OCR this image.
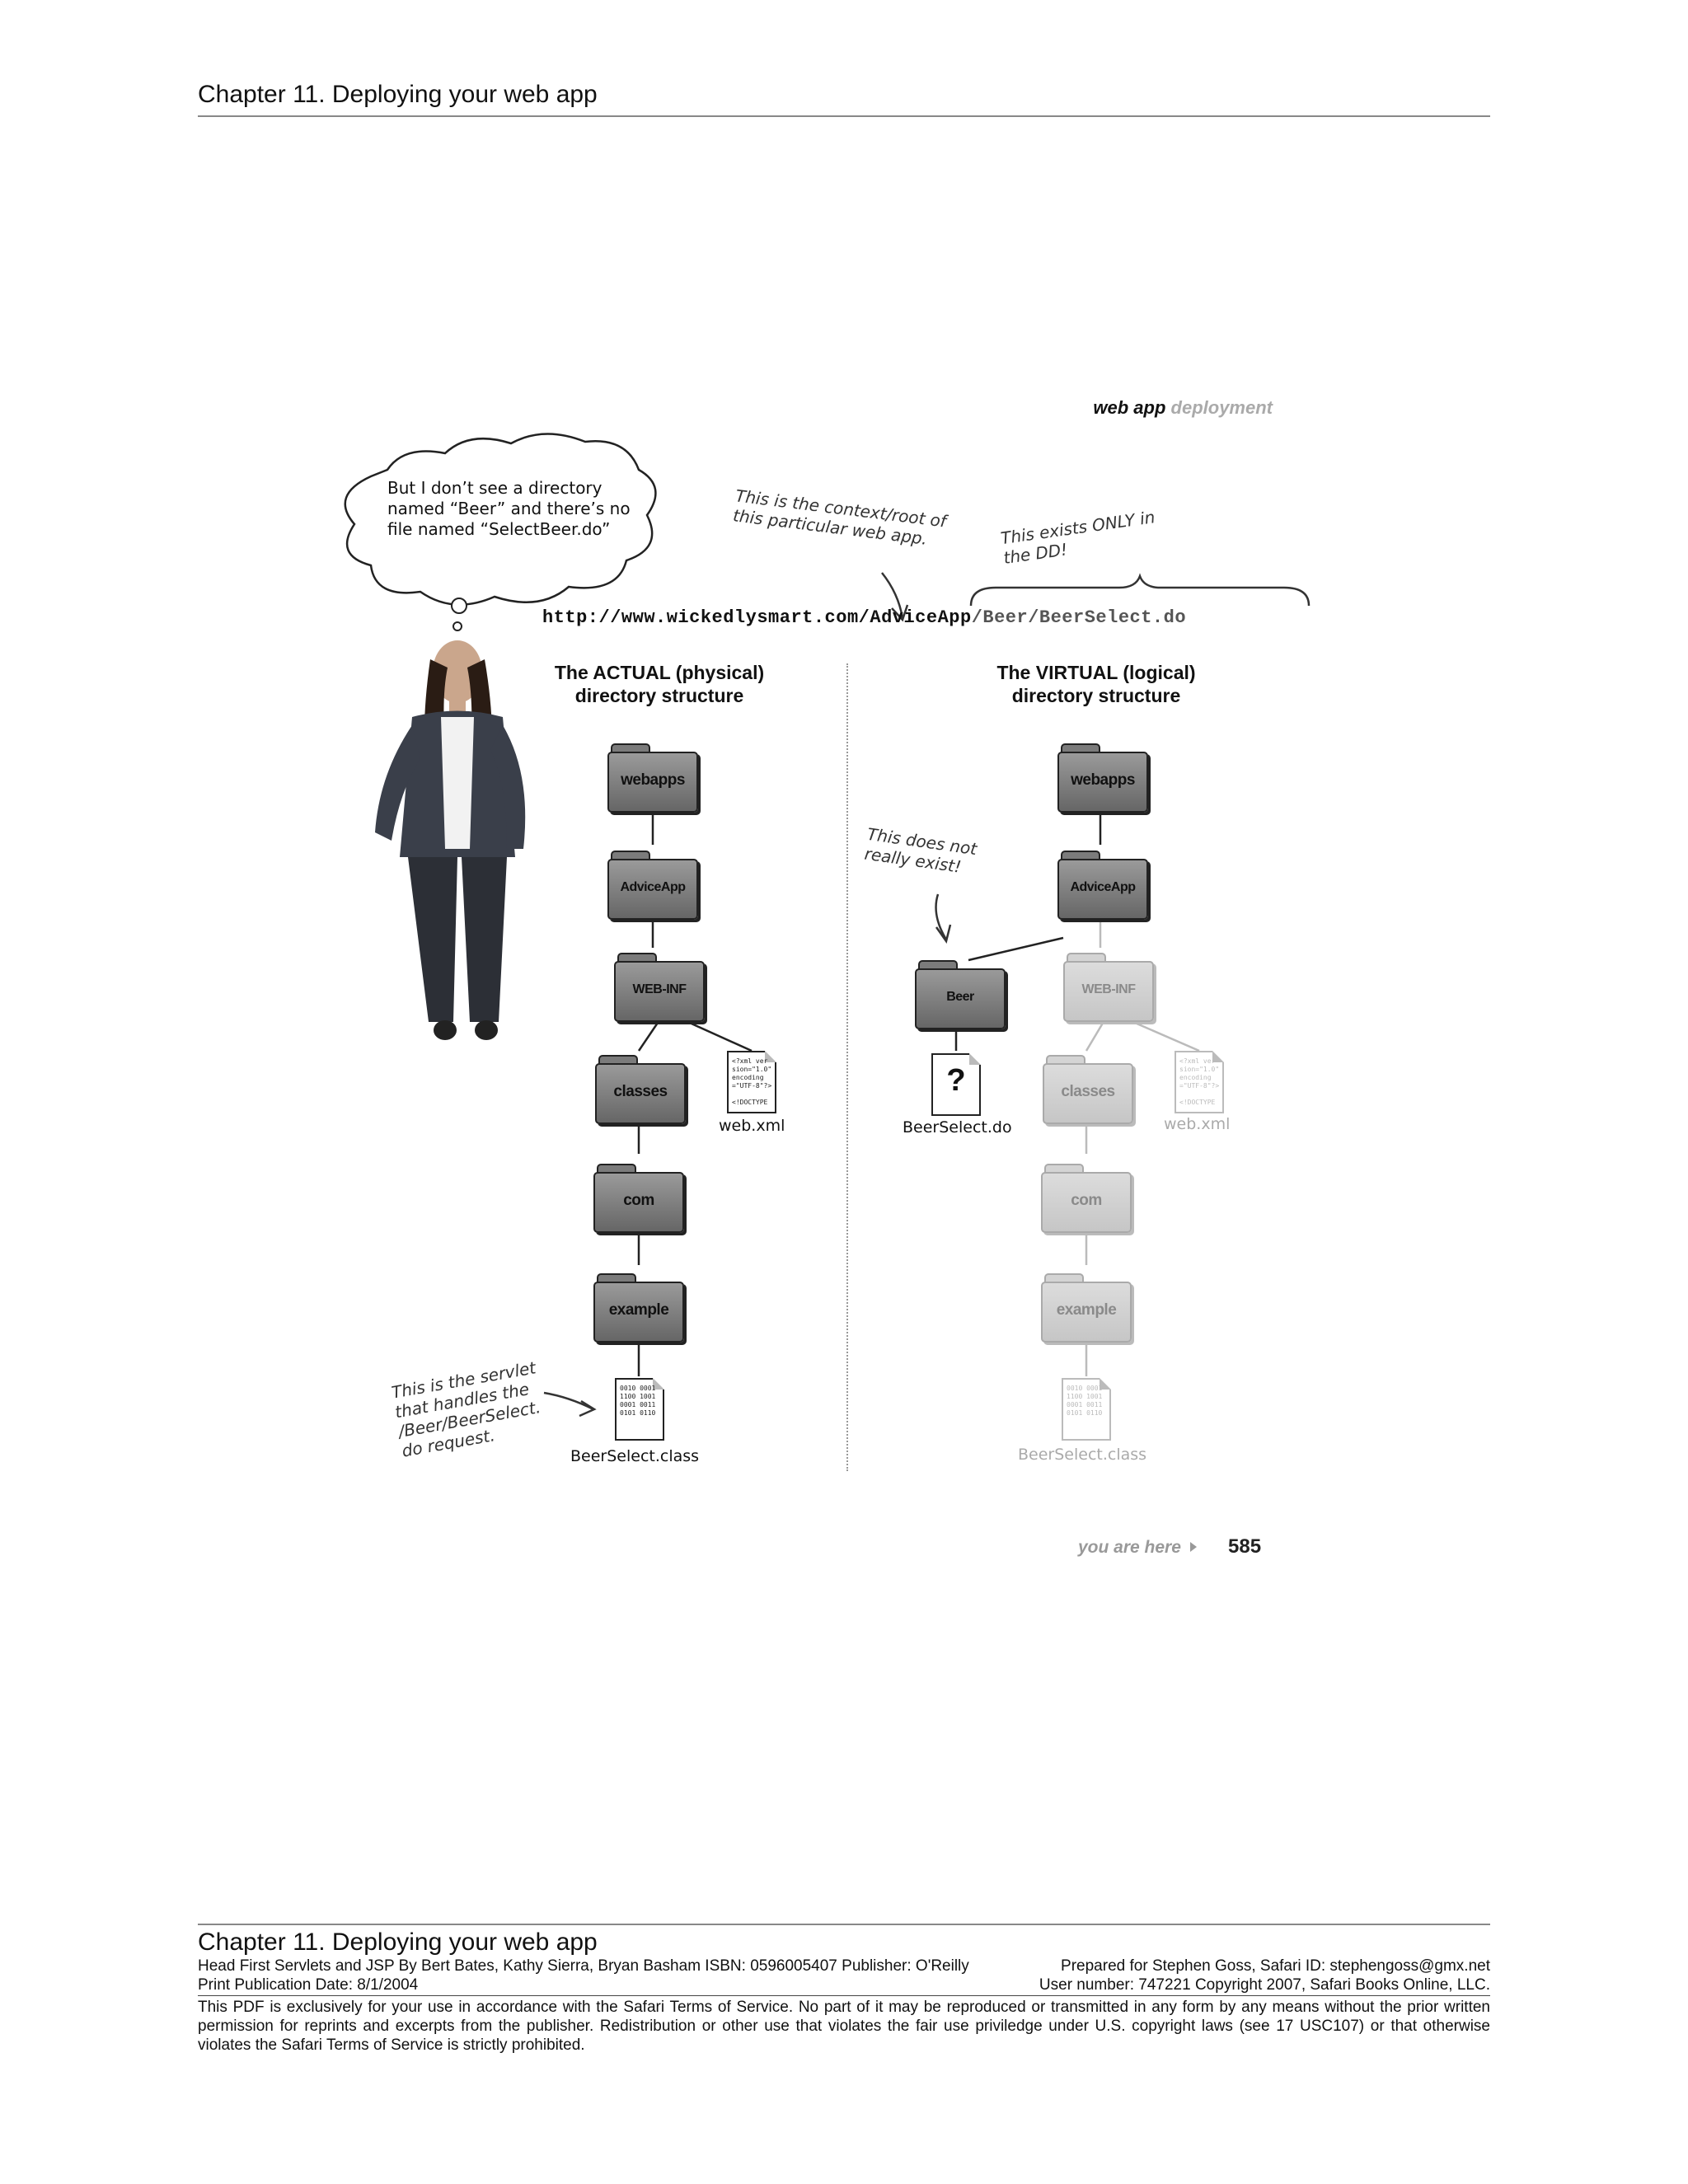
Chapter 11. Deploying your web app
web app deployment
But I don’t see a directory named “Beer” and there’s no file named “SelectBeer.do”	This is the context/root of this particular web app.	This exists ONLY in the DD!
This does not really exist!
This is the servlet that handles the /Beer/BeerSelect. do request.
http://www.wickedlysmart.com/AdviceApp/Beer/BeerSelect.do
The ACTUAL (physical)
directory structure
The VIRTUAL (logical)
directory structure
webapps
AdviceApp
WEB-INF
classes
com
example
<?xml ver
sion="1.0"
encoding
="UTF-8"?>

<!DOCTYPE
web.xml
0010 0001
1100 1001
0001 0011
0101 0110
BeerSelect.class
webapps
AdviceApp
Beer
WEB-INF
classes
com
example
?
BeerSelect.do
<?xml ver
sion="1.0"
encoding
="UTF-8"?>

<!DOCTYPE
web.xml
0010 0001
1100 1001
0001 0011
0101 0110
BeerSelect.class
you are here 585
Chapter 11. Deploying your web app
Head First Servlets and JSP By Bert Bates, Kathy Sierra, Bryan Basham ISBN: 0596005407 Publisher: O'Reilly	Prepared for Stephen Goss, Safari ID: stephengoss@gmx.net
Print Publication Date: 8/1/2004	User number: 747221 Copyright 2007, Safari Books Online, LLC.
This PDF is exclusively for your use in accordance with the Safari Terms of Service. No part of it may be reproduced or transmitted in any form by any means without the prior written permission for reprints and excerpts from the publisher. Redistribution or other use that violates the fair use priviledge under U.S. copyright laws (see 17 USC107) or that otherwise violates the Safari Terms of Service is strictly prohibited.
